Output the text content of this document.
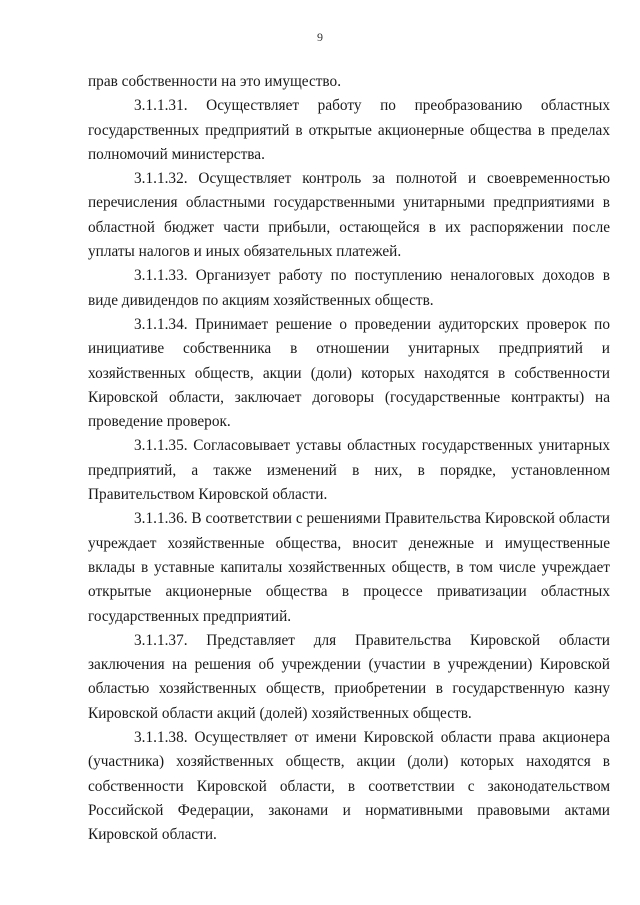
9

прав собственности на это имущество.

3.1.1.31. Осуществляет работу по преобразованию областных государственных предприятий в открытые акционерные общества в пределах полномочий министерства.

3.1.1.32. Осуществляет контроль за полнотой и своевременностью перечисления областными государственными унитарными предприятиями в областной бюджет части прибыли, остающейся в их распоряжении после уплаты налогов и иных обязательных платежей.

3.1.1.33. Организует работу по поступлению неналоговых доходов в виде дивидендов по акциям хозяйственных обществ.

3.1.1.34. Принимает решение о проведении аудиторских проверок по инициативе собственника в отношении унитарных предприятий и хозяйственных обществ, акции (доли) которых находятся в собственности Кировской области, заключает договоры (государственные контракты) на проведение проверок.

3.1.1.35. Согласовывает уставы областных государственных унитарных предприятий, а также изменений в них, в порядке, установленном Правительством Кировской области.

3.1.1.36. В соответствии с решениями Правительства Кировской области учреждает хозяйственные общества, вносит денежные и имущественные вклады в уставные капиталы хозяйственных обществ, в том числе учреждает открытые акционерные общества в процессе приватизации областных государственных предприятий.

3.1.1.37. Представляет для Правительства Кировской области заключения на решения об учреждении (участии в учреждении) Кировской областью хозяйственных обществ, приобретении в государственную казну Кировской области акций (долей) хозяйственных обществ.

3.1.1.38. Осуществляет от имени Кировской области права акционера (участника) хозяйственных обществ, акции (доли) которых находятся в собственности Кировской области, в соответствии с законодательством Российской Федерации, законами и нормативными правовыми актами Кировской области.
